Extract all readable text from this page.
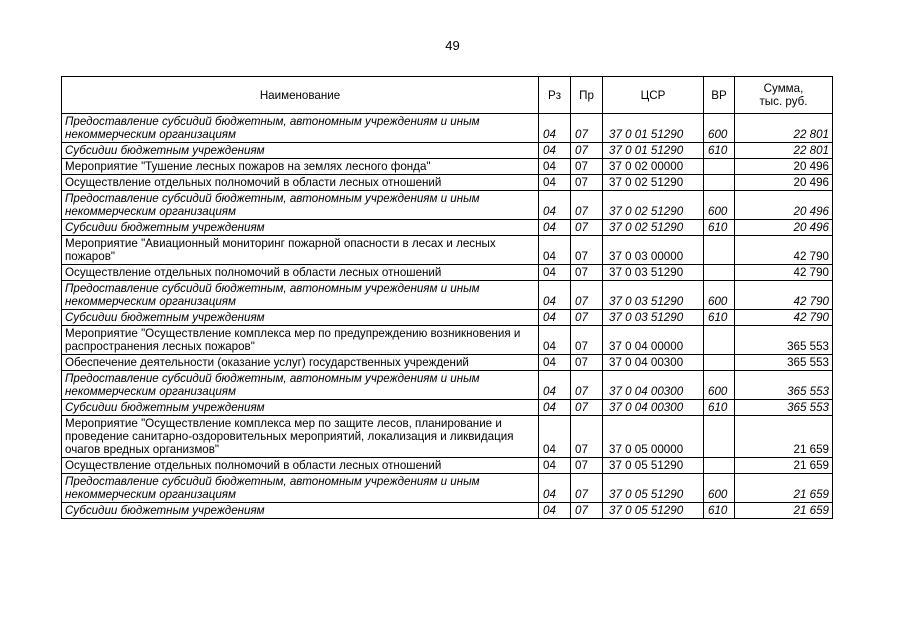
49
Наименование	Рз	Пр	ЦСР	ВР	Сумма,
тыс. руб.
Предоставление субсидий бюджетным, автономным учреждениям и иным некоммерческим организациям	04	07	37 0 01 51290	600	22 801
Субсидии бюджетным учреждениям	04	07	37 0 01 51290	610	22 801
Мероприятие "Тушение лесных пожаров на землях лесного фонда"	04	07	37 0 02 00000		20 496
Осуществление отдельных полномочий в области лесных отношений	04	07	37 0 02 51290		20 496
Предоставление субсидий бюджетным, автономным учреждениям и иным некоммерческим организациям	04	07	37 0 02 51290	600	20 496
Субсидии бюджетным учреждениям	04	07	37 0 02 51290	610	20 496
Мероприятие "Авиационный мониторинг пожарной опасности в лесах и лесных пожаров"	04	07	37 0 03 00000		42 790
Осуществление отдельных полномочий в области лесных отношений	04	07	37 0 03 51290		42 790
Предоставление субсидий бюджетным, автономным учреждениям и иным некоммерческим организациям	04	07	37 0 03 51290	600	42 790
Субсидии бюджетным учреждениям	04	07	37 0 03 51290	610	42 790
Мероприятие "Осуществление комплекса мер по предупреждению возникновения и распространения лесных пожаров"	04	07	37 0 04 00000		365 553
Обеспечение деятельности (оказание услуг) государственных учреждений	04	07	37 0 04 00300		365 553
Предоставление субсидий бюджетным, автономным учреждениям и иным некоммерческим организациям	04	07	37 0 04 00300	600	365 553
Субсидии бюджетным учреждениям	04	07	37 0 04 00300	610	365 553
Мероприятие "Осуществление комплекса мер по защите лесов, планирование и проведение санитарно-оздоровительных мероприятий, локализация и ликвидация очагов вредных организмов"	04	07	37 0 05 00000		21 659
Осуществление отдельных полномочий в области лесных отношений	04	07	37 0 05 51290		21 659
Предоставление субсидий бюджетным, автономным учреждениям и иным некоммерческим организациям	04	07	37 0 05 51290	600	21 659
Субсидии бюджетным учреждениям	04	07	37 0 05 51290	610	21 659
